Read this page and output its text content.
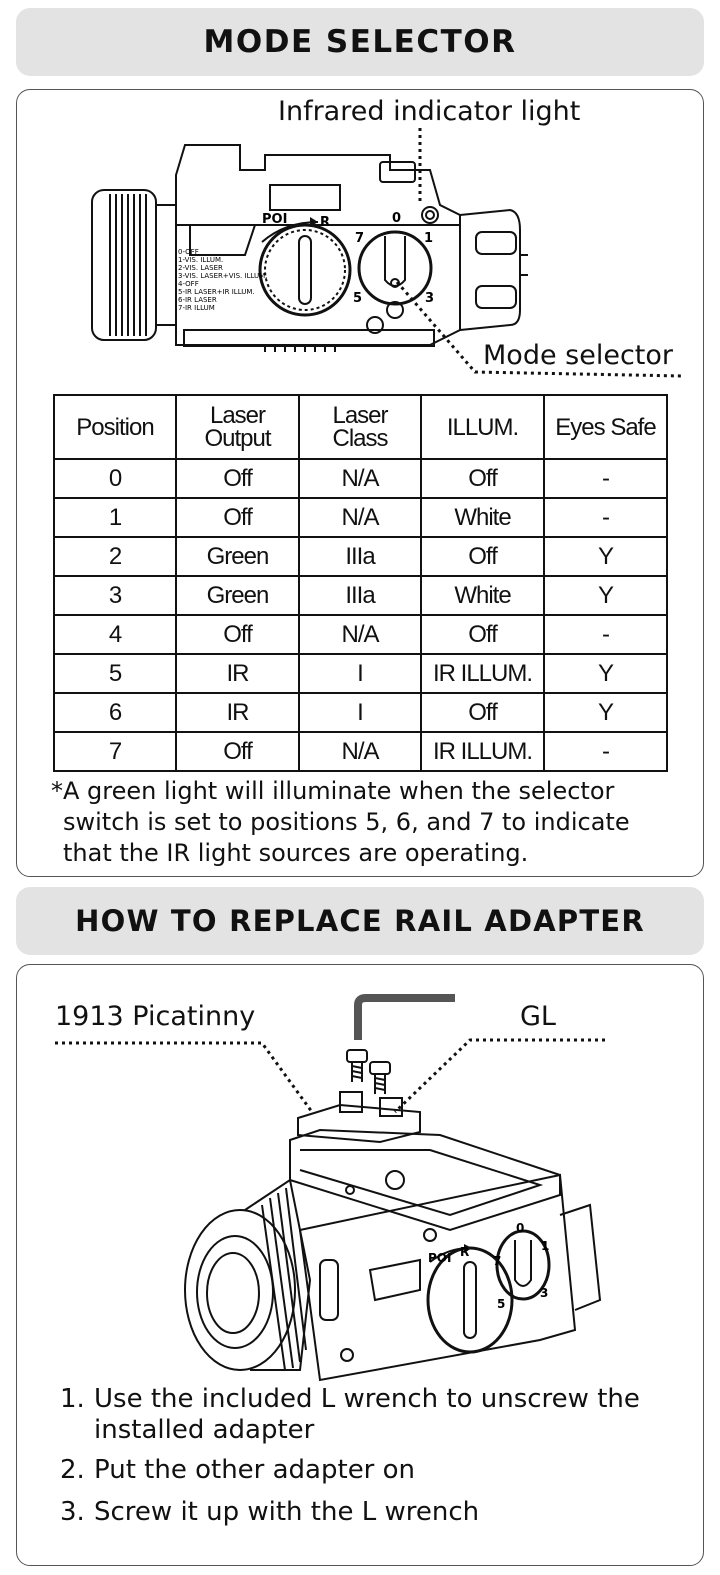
MODE SELECTOR
Infrared indicator light
Mode selector
POI	R	0
1
3
5
7
0-OFF
1-VIS. ILLUM.
2-VIS. LASER
3-VIS. LASER+VIS. ILLUM.
4-OFF
5-IR LASER+IR ILLUM.
6-IR LASER
7-IR ILLUM
Position	Laser Output	Laser Class	ILLUM.	Eyes Safe
0	Off	N/A	Off	-
1	Off	N/A	White	-
2	Green	IIIa	Off	Y
3	Green	IIIa	White	Y
4	Off	N/A	Off	-
5	IR	I	IR ILLUM.	Y
6	IR	I	Off	Y
7	Off	N/A	IR ILLUM.	-
*A green light will illuminate when the selector
switch is set to positions 5, 6, and 7 to indicate
that the IR light sources are operating.
HOW TO REPLACE RAIL ADAPTER
1913 Picatinny	GL
POI R
0
1
3
5
7
1. Use the included L wrench to unscrew the installed adapter
2. Put the other adapter on
3. Screw it up with the L wrench
